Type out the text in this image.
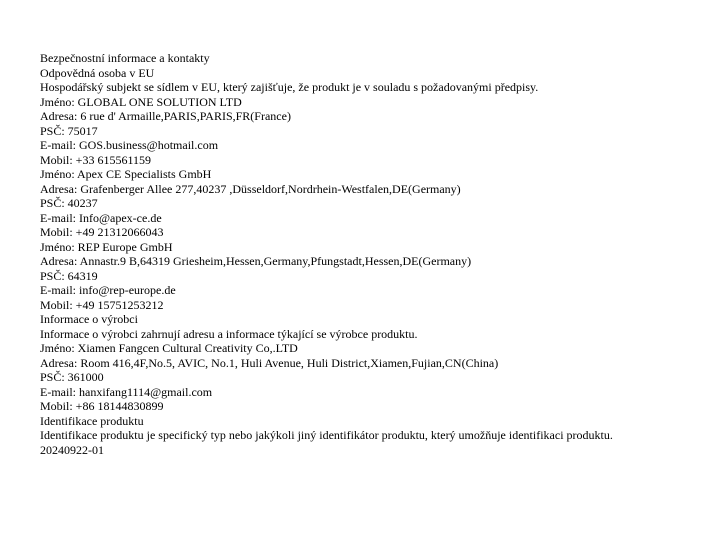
Bezpečnostní informace a kontakty
Odpovědná osoba v EU
Hospodářský subjekt se sídlem v EU, který zajišťuje, že produkt je v souladu s požadovanými předpisy.
Jméno: GLOBAL ONE SOLUTION LTD
Adresa: 6 rue d' Armaille,PARIS,PARIS,FR(France)
PSČ: 75017
E-mail: GOS.business@hotmail.com
Mobil: +33 615561159
Jméno: Apex CE Specialists GmbH
Adresa: Grafenberger Allee 277,40237 ,Düsseldorf,Nordrhein-Westfalen,DE(Germany)
PSČ: 40237
E-mail: Info@apex-ce.de
Mobil: +49 21312066043
Jméno: REP Europe GmbH
Adresa: Annastr.9 B,64319 Griesheim,Hessen,Germany,Pfungstadt,Hessen,DE(Germany)
PSČ: 64319
E-mail: info@rep-europe.de
Mobil: +49 15751253212
Informace o výrobci
Informace o výrobci zahrnují adresu a informace týkající se výrobce produktu.
Jméno: Xiamen Fangcen Cultural Creativity Co,.LTD
Adresa: Room 416,4F,No.5, AVIC, No.1, Huli Avenue, Huli District,Xiamen,Fujian,CN(China)
PSČ: 361000
E-mail: hanxifang1114@gmail.com
Mobil: +86 18144830899
Identifikace produktu
Identifikace produktu je specifický typ nebo jakýkoli jiný identifikátor produktu, který umožňuje identifikaci produktu.
20240922-01
